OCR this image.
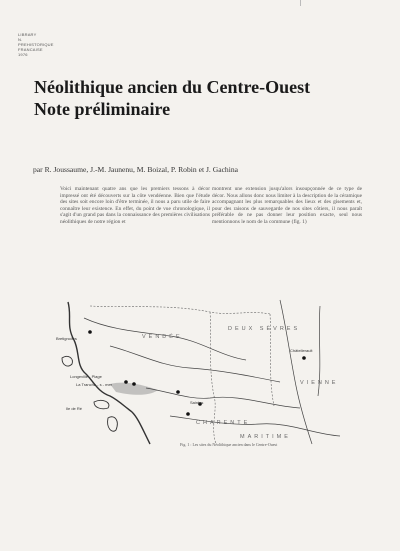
LIBRARY
N.
PREHISTORIQUE
FRANCAISE
1976
Néolithique ancien du Centre-Ouest
Note préliminaire
par R. Joussaume, J.-M. Jaunenu, M. Boizal, P. Robin et J. Gachina
Voici maintenant quatre ans que les premiers tessons à décor impressé ont été découverts sur la côte vendéenne. Bien que l'étude des sites soit encore loin d'être terminée, il nous a paru utile de faire connaître leur existence. En effet, du point de vue chronologique, il s'agit d'un grand pas dans la connaissance des premières civilisations néolithiques de notre région et
montrent une extension jusqu'alors insoupçonnée de ce type de décor. Nous allons donc nous limiter à la description de la céramique accompagnant les plus remarquables des lieux et des gisements et, pour des raisons de sauvegarde de nos sites côtiers, il nous paraît préférable de ne pas donner leur position exacte, seul nous mentionnons le nom de la commune (fig. 1)
Bretignolles
Longeville - Plage
La Tranche - s - mer
Ile de Ré
Châtellerault
Saintes
VENDÉE
DEUX SÈVRES
VIENNE
CHARENTE
MARITIME
Fig. 1 : Les sites du Néolithique ancien dans le Centre-Ouest
